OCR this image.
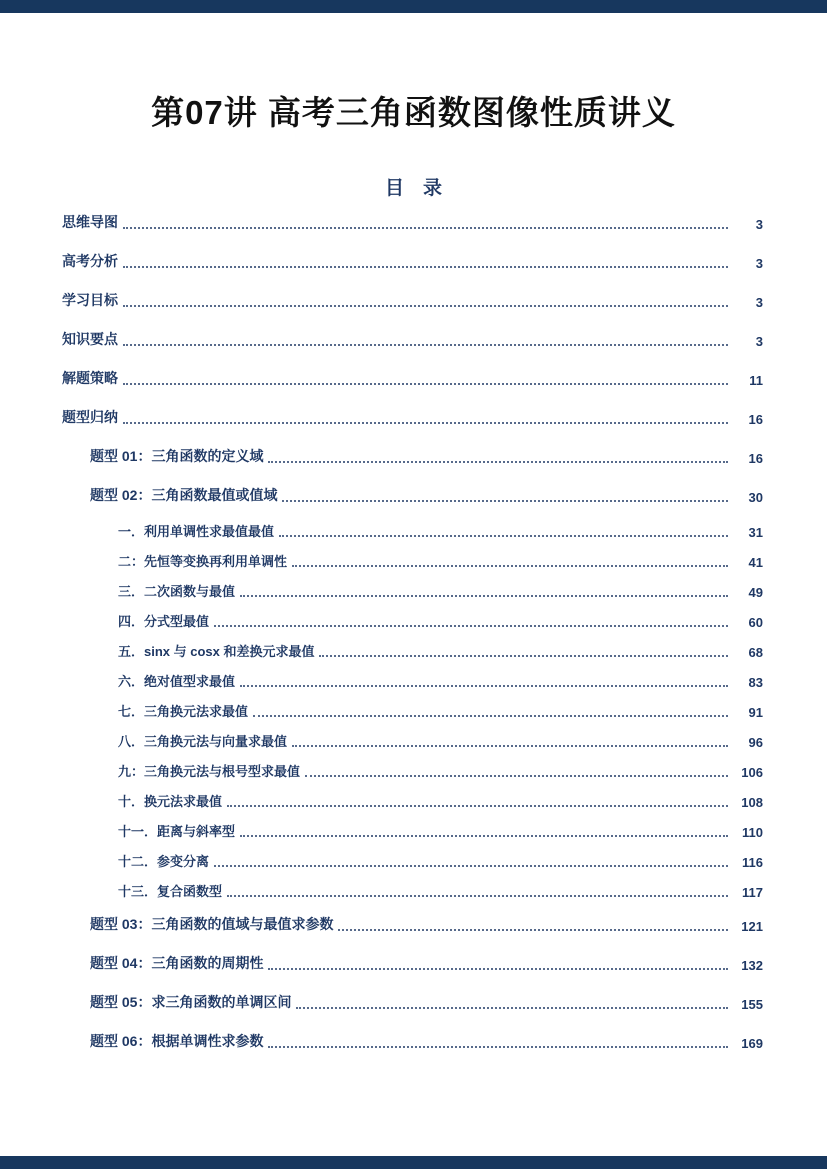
第07讲 高考三角函数图像性质讲义
目　录
思维导图	3
高考分析	3
学习目标	3
知识要点	3
解题策略	11
题型归纳	16
题型 01：三角函数的定义域	16
题型 02：三角函数最值或值域	30
一．利用单调性求最值最值	31
二：先恒等变换再利用单调性	41
三．二次函数与最值	49
四．分式型最值	60
五．sinx 与 cosx 和差换元求最值	68
六．绝对值型求最值	83
七．三角换元法求最值	91
八．三角换元法与向量求最值	96
九：三角换元法与根号型求最值	106
十．换元法求最值	108
十一．距离与斜率型	110
十二．参变分离	116
十三．复合函数型	117
题型 03：三角函数的值域与最值求参数	121
题型 04：三角函数的周期性	132
题型 05：求三角函数的单调区间	155
题型 06：根据单调性求参数	169
